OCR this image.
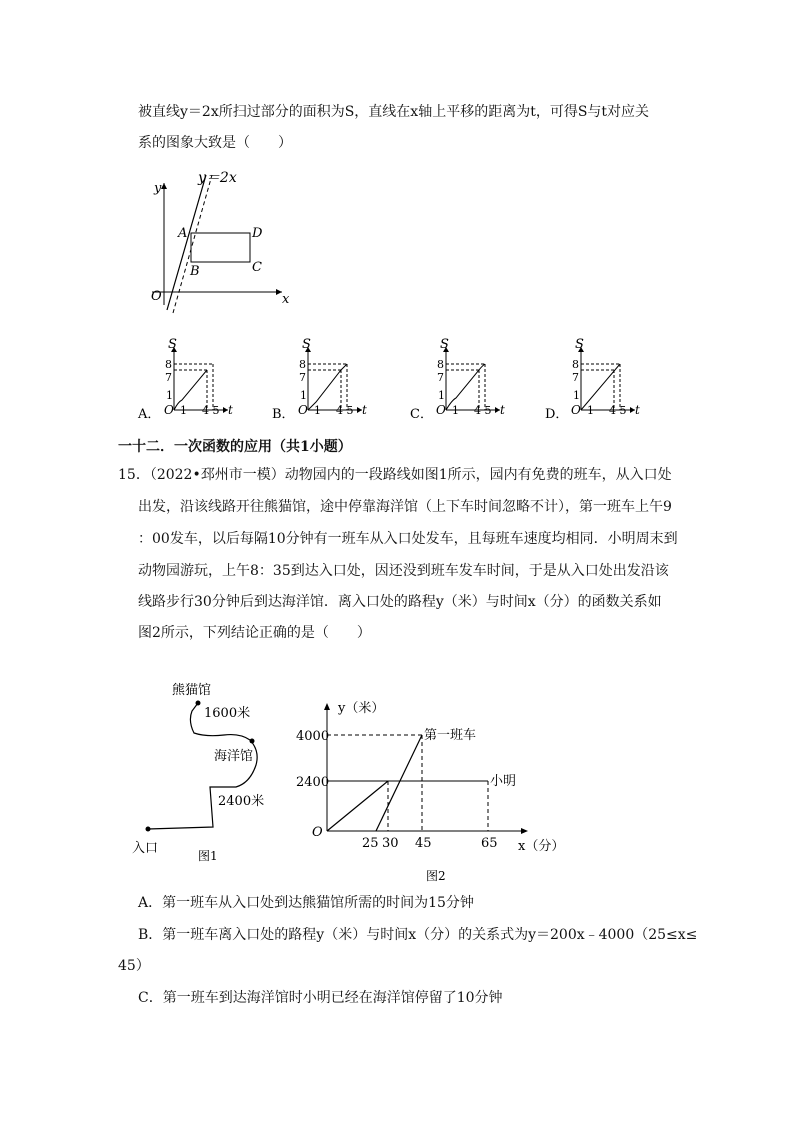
被直线y＝2x所扫过部分的面积为S，直线在x轴上平移的距离为t，可得S与t对应关
系的图象大致是（　　）
y＝2x
y
x
O
A
B	C
D
A．
S
t
O
8
7
1
1 4 5	B．
S
t
O
8
7
1
1 4 5	C．
S
t
O
8
7
1
1 4 5	D．
S
t
O
8
7
1
1 4 5
一十二．一次函数的应用（共1小题）
15．（2022•邳州市一模）动物园内的一段路线如图1所示，园内有免费的班车，从入口处
出发，沿该线路开往熊猫馆，途中停靠海洋馆（上下车时间忽略不计），第一班车上午9
：00发车，以后每隔10分钟有一班车从入口处发车，且每班车速度均相同．小明周末到
动物园游玩，上午8：35到达入口处，因还没到班车发车时间，于是从入口处出发沿该
线路步行30分钟后到达海洋馆．离入口处的路程y（米）与时间x（分）的函数关系如
图2所示，下列结论正确的是（　　）
熊猫馆
1600米
海洋馆
2400米
入口	图1
y（米）
x（分）
O
4000
2400
25 30 45	65
第一班车
小明
图2
A．第一班车从入口处到达熊猫馆所需的时间为15分钟
B．第一班车离入口处的路程y（米）与时间x（分）的关系式为y＝200x﹣4000（25≤x≤
45）
C．第一班车到达海洋馆时小明已经在海洋馆停留了10分钟
